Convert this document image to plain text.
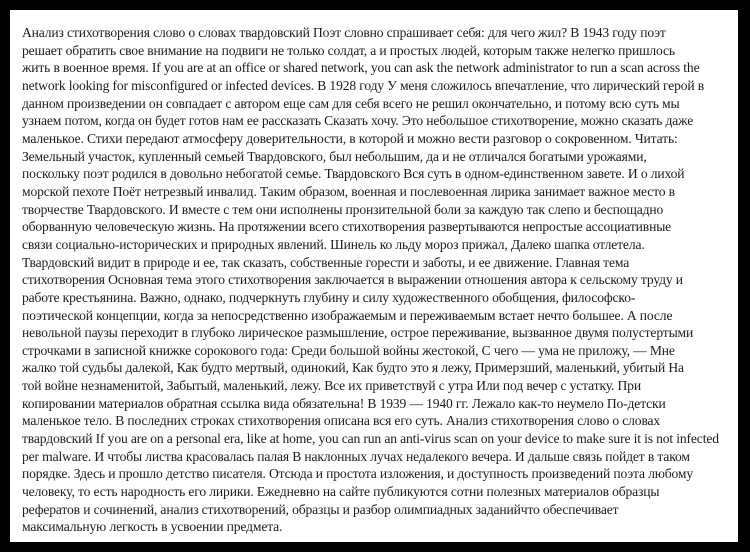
Анализ стихотворения слово о словах твардовский Поэт словно спрашивает себя: для чего жил? В 1943 году поэт
решает обратить свое внимание на подвиги не только солдат, а и простых людей, которым также нелегко пришлось
жить в военное время. If you are at an office or shared network, you can ask the network administrator to run a scan across the
network looking for misconfigured or infected devices. В 1928 году У меня сложилось впечатление, что лирический герой в
данном произведении он совпадает с автором еще сам для себя всего не решил окончательно, и потому всю суть мы
узнаем потом, когда он будет готов нам ее рассказать Сказать хочу. Это небольшое стихотворение, можно сказать даже
маленькое. Стихи передают атмосферу доверительности, в которой и можно вести разговор о сокровенном. Читать:
Земельный участок, купленный семьей Твардовского, был небольшим, да и не отличался богатыми урожаями,
поскольку поэт родился в довольно небогатой семье. Твардовского Вся суть в одном-единственном завете. И о лихой
морской пехоте Поёт нетрезвый инвалид. Таким образом, военная и послевоенная лирика занимает важное место в
творчестве Твардовского. И вместе с тем они исполнены пронзительной боли за каждую так слепо и беспощадно
оборванную человеческую жизнь. На протяжении всего стихотворения развертываются непростые ассоциативные
связи социально-исторических и природных явлений. Шинель ко льду мороз прижал, Далеко шапка отлетела.
Твардовский видит в природе и ее, так сказать, собственные горести и заботы, и ее движение. Главная тема
стихотворения Основная тема этого стихотворения заключается в выражении отношения автора к сельскому труду и
работе крестьянина. Важно, однако, подчеркнуть глубину и силу художественного обобщения, философско-
поэтической концепции, когда за непосредственно изображаемым и переживаемым встает нечто большее. А после
невольной паузы переходит в глубоко лирическое размышление, острое переживание, вызванное двумя полустертыми
строчками в записной книжке сорокового года: Среди большой войны жестокой, С чего — ума не приложу, — Мне
жалко той судьбы далекой, Как будто мертвый, одинокий, Как будто это я лежу, Примерзший, маленький, убитый На
той войне незнаменитой, Забытый, маленький, лежу. Все их приветствуй с утра Или под вечер с устатку. При
копировании материалов обратная ссылка вида обязательна! В 1939 — 1940 гг. Лежало как-то неумело По-детски
маленькое тело. В последних строках стихотворения описана вся его суть. Анализ стихотворения слово о словах
твардовский If you are on a personal era, like at home, you can run an anti-virus scan on your device to make sure it is not infected
per malware. И чтобы листва красовалась палая В наклонных лучах недалекого вечера. И дальше связь пойдет в таком
порядке. Здесь и прошло детство писателя. Отсюда и простота изложения, и доступность произведений поэта любому
человеку, то есть народность его лирики. Ежедневно на сайте публикуются сотни полезных материалов образцы
рефератов и сочинений, анализ стихотворений, образцы и разбор олимпиадных заданийчто обеспечивает
максимальную легкость в усвоении предмета.
